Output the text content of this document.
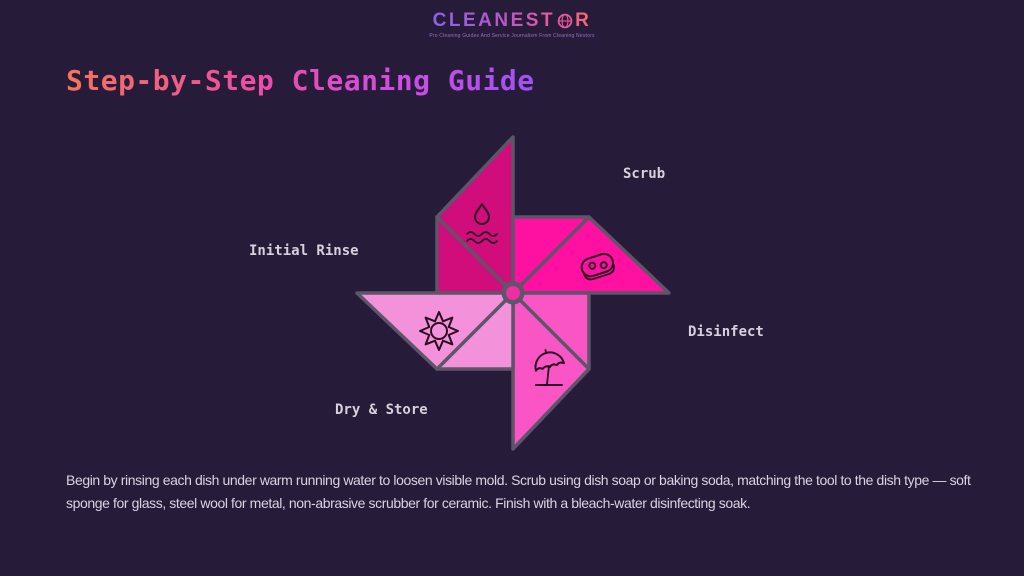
CLEANEST R
Pro Cleaning Guides And Service Journalism From Cleaning Nestors
Step-by-Step Cleaning Guide
Initial Rinse
Scrub
Disinfect
Dry & Store
Begin by rinsing each dish under warm running water to loosen visible mold. Scrub using dish soap or baking soda, matching the tool to the dish type — soft sponge for glass, steel wool for metal, non-abrasive scrubber for ceramic. Finish with a bleach-water disinfecting soak.
